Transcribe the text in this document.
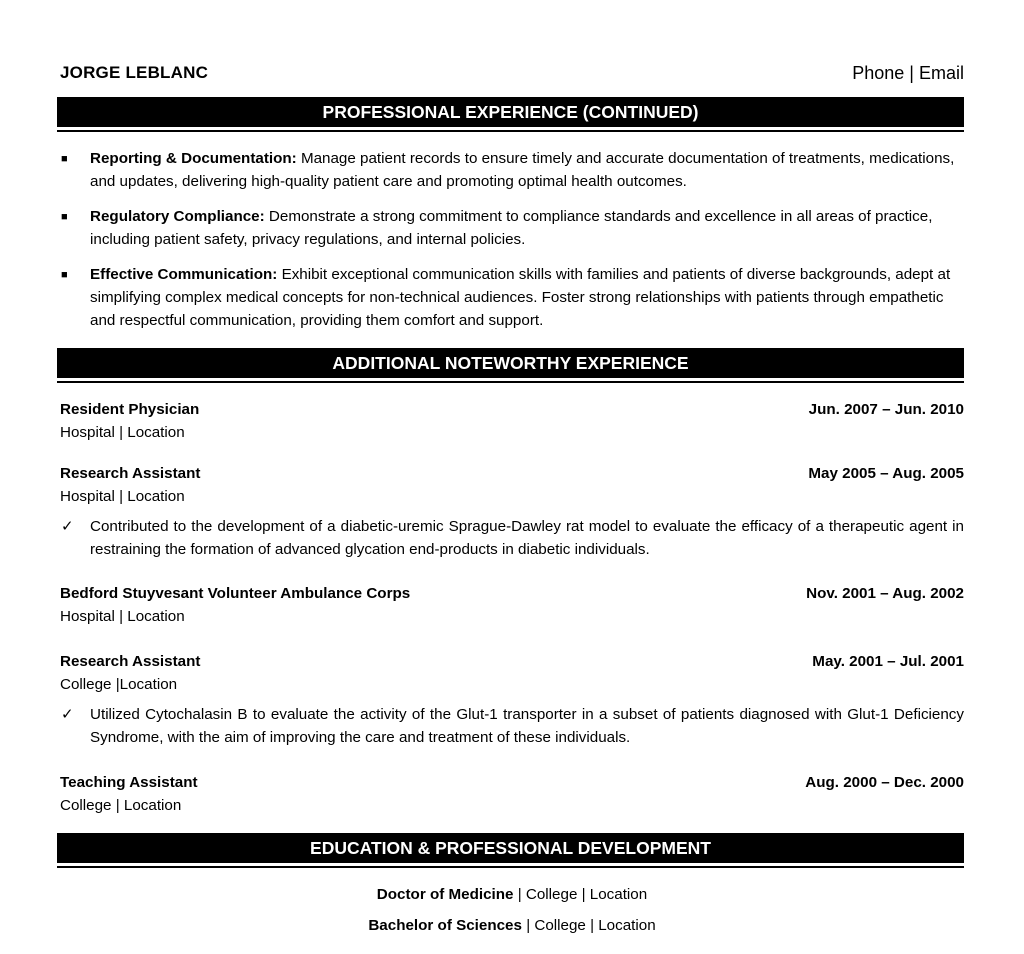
JORGE LEBLANC	Phone | Email
PROFESSIONAL EXPERIENCE (CONTINUED)
■ Reporting & Documentation: Manage patient records to ensure timely and accurate documentation of treatments, medications, and updates, delivering high-quality patient care and promoting optimal health outcomes.
■ Regulatory Compliance: Demonstrate a strong commitment to compliance standards and excellence in all areas of practice, including patient safety, privacy regulations, and internal policies.
■ Effective Communication: Exhibit exceptional communication skills with families and patients of diverse backgrounds, adept at simplifying complex medical concepts for non-technical audiences. Foster strong relationships with patients through empathetic and respectful communication, providing them comfort and support.
ADDITIONAL NOTEWORTHY EXPERIENCE
Resident Physician	Jun. 2007 – Jun. 2010
Hospital | Location
Research Assistant	May 2005 – Aug. 2005
Hospital | Location
✓ Contributed to the development of a diabetic-uremic Sprague-Dawley rat model to evaluate the efficacy of a therapeutic agent in restraining the formation of advanced glycation end-products in diabetic individuals.
Bedford Stuyvesant Volunteer Ambulance Corps	Nov. 2001 – Aug. 2002
Hospital | Location
Research Assistant	May. 2001 – Jul. 2001
College |Location
✓ Utilized Cytochalasin B to evaluate the activity of the Glut-1 transporter in a subset of patients diagnosed with Glut-1 Deficiency Syndrome, with the aim of improving the care and treatment of these individuals.
Teaching Assistant	Aug. 2000 – Dec. 2000
College | Location
EDUCATION & PROFESSIONAL DEVELOPMENT
Doctor of Medicine | College | Location
Bachelor of Sciences | College | Location
